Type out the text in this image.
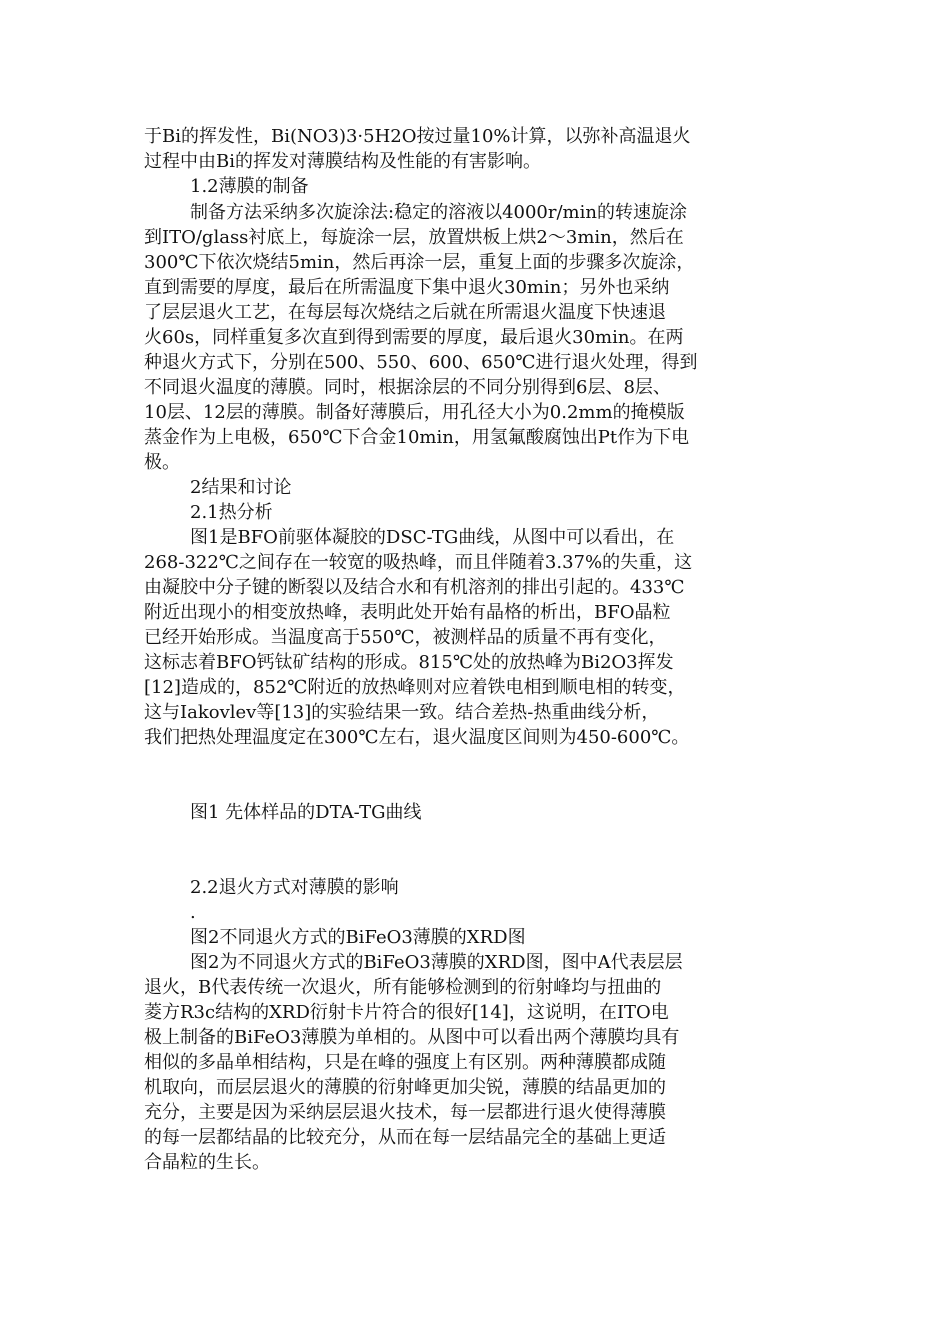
于Bi的挥发性，Bi(NO3)3·5H2O按过量10%计算，以弥补高温退火
过程中由Bi的挥发对薄膜结构及性能的有害影响。
1.2薄膜的制备
制备方法采纳多次旋涂法:稳定的溶液以4000r/min的转速旋涂
到ITO/glass衬底上，每旋涂一层，放置烘板上烘2～3min，然后在
300℃下依次烧结5min，然后再涂一层，重复上面的步骤多次旋涂，
直到需要的厚度，最后在所需温度下集中退火30min；另外也采纳
了层层退火工艺，在每层每次烧结之后就在所需退火温度下快速退
火60s，同样重复多次直到得到需要的厚度，最后退火30min。在两
种退火方式下，分别在500、550、600、650℃进行退火处理，得到
不同退火温度的薄膜。同时，根据涂层的不同分别得到6层、8层、
10层、12层的薄膜。制备好薄膜后，用孔径大小为0.2mm的掩模版
蒸金作为上电极，650℃下合金10min，用氢氟酸腐蚀出Pt作为下电
极。
2结果和讨论
2.1热分析
图1是BFO前驱体凝胶的DSC-TG曲线，从图中可以看出，在
268-322℃之间存在一较宽的吸热峰，而且伴随着3.37%的失重，这
由凝胶中分子键的断裂以及结合水和有机溶剂的排出引起的。433℃
附近出现小的相变放热峰，表明此处开始有晶格的析出，BFO晶粒
已经开始形成。当温度高于550℃，被测样品的质量不再有变化，
这标志着BFO钙钛矿结构的形成。815℃处的放热峰为Bi2O3挥发
[12]造成的，852℃附近的放热峰则对应着铁电相到顺电相的转变，
这与Iakovlev等[13]的实验结果一致。结合差热-热重曲线分析，
我们把热处理温度定在300℃左右，退火温度区间则为450-600℃。
图1 先体样品的DTA-TG曲线
2.2退火方式对薄膜的影响
.
图2不同退火方式的BiFeO3薄膜的XRD图
图2为不同退火方式的BiFeO3薄膜的XRD图，图中A代表层层
退火，B代表传统一次退火，所有能够检测到的衍射峰均与扭曲的
菱方R3c结构的XRD衍射卡片符合的很好[14]，这说明，在ITO电
极上制备的BiFeO3薄膜为单相的。从图中可以看出两个薄膜均具有
相似的多晶单相结构，只是在峰的强度上有区别。两种薄膜都成随
机取向，而层层退火的薄膜的衍射峰更加尖锐，薄膜的结晶更加的
充分，主要是因为采纳层层退火技术，每一层都进行退火使得薄膜
的每一层都结晶的比较充分，从而在每一层结晶完全的基础上更适
合晶粒的生长。
